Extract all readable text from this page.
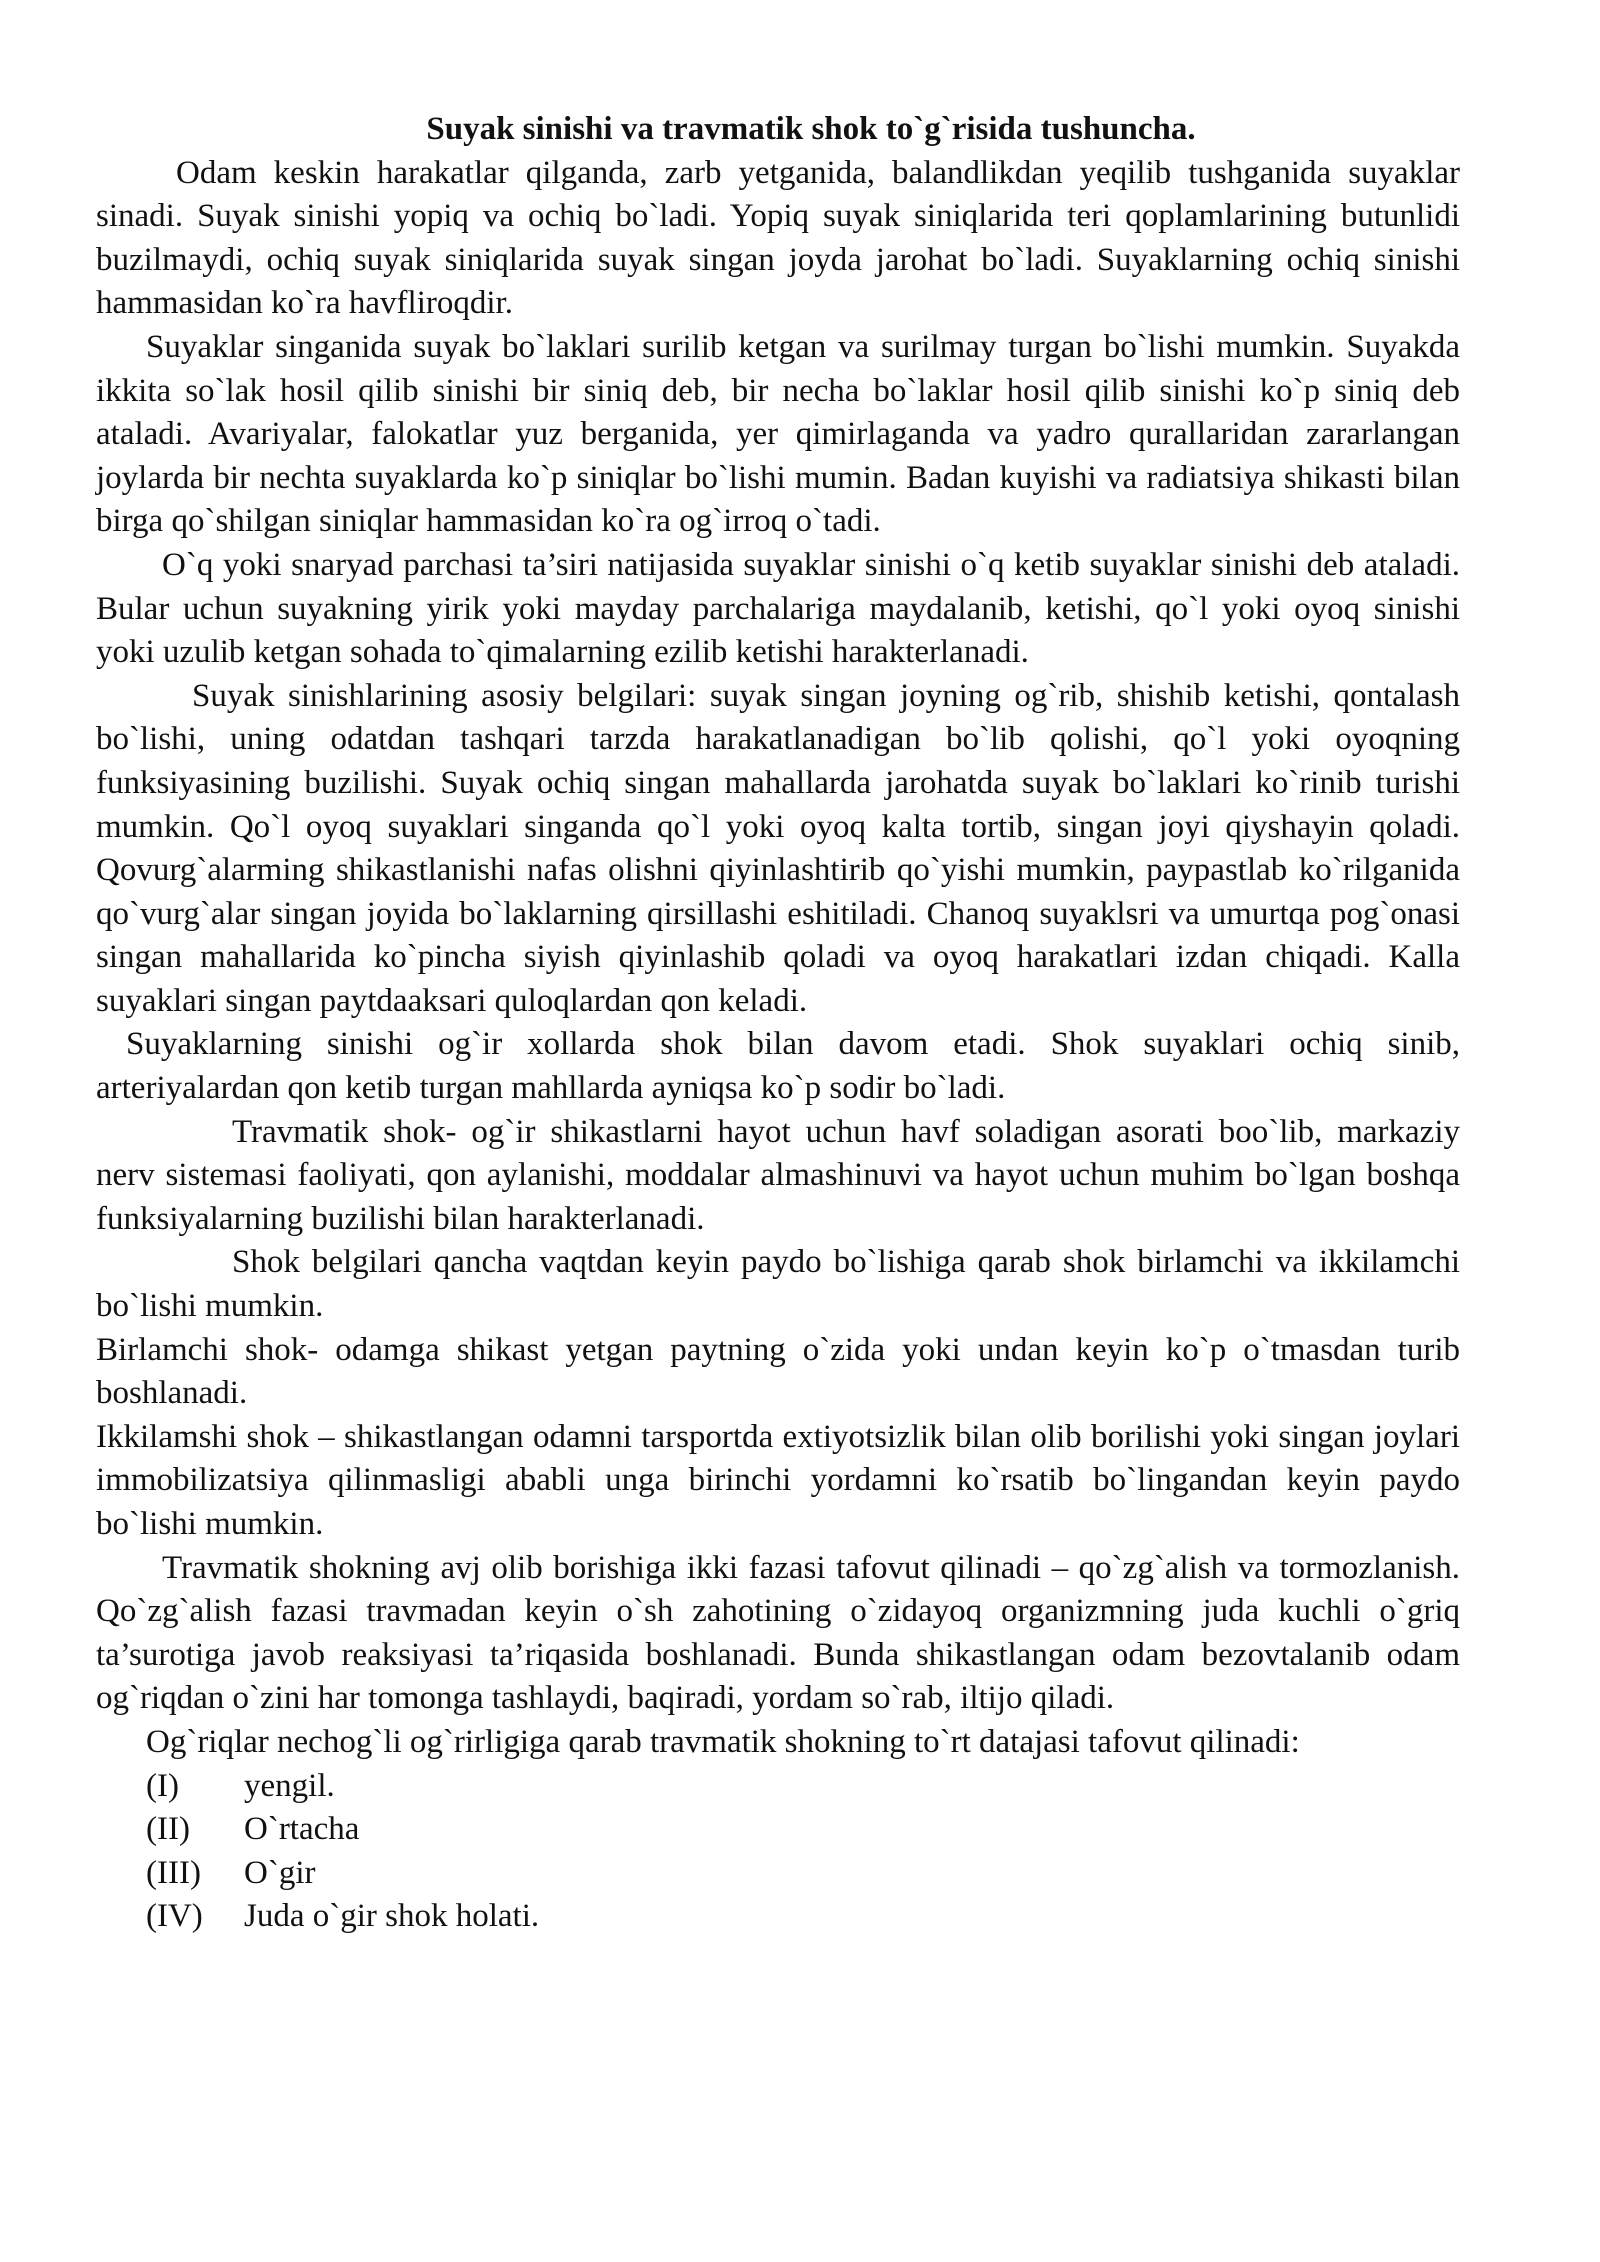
Suyak sinishi va travmatik shok to`g`risida tushuncha.

Odam keskin harakatlar qilganda, zarb yetganida, balandlikdan yeqilib tushganida suyaklar sinadi. Suyak sinishi yopiq va ochiq bo`ladi. Yopiq suyak siniqlarida teri qoplamlarining butunlidi buzilmaydi, ochiq suyak siniqlarida suyak singan joyda jarohat bo`ladi. Suyaklarning ochiq sinishi hammasidan ko`ra havfliroqdir.

Suyaklar singanida suyak bo`laklari surilib ketgan va surilmay turgan bo`lishi mumkin. Suyakda ikkita so`lak hosil qilib sinishi bir siniq deb, bir necha bo`laklar hosil qilib sinishi ko`p siniq deb ataladi. Avariyalar, falokatlar yuz berganida, yer qimirlaganda va yadro qurallaridan zararlangan joylarda bir nechta suyaklarda ko`p siniqlar bo`lishi mumin. Badan kuyishi va radiatsiya shikasti bilan birga qo`shilgan siniqlar hammasidan ko`ra og`irroq o`tadi.

O`q yoki snaryad parchasi ta’siri natijasida suyaklar sinishi o`q ketib suyaklar sinishi deb ataladi. Bular uchun suyakning yirik yoki mayday parchalariga maydalanib, ketishi, qo`l yoki oyoq sinishi yoki uzulib ketgan sohada to`qimalarning ezilib ketishi harakterlanadi.

Suyak sinishlarining asosiy belgilari: suyak singan joyning og`rib, shishib ketishi, qontalash bo`lishi, uning odatdan tashqari tarzda harakatlanadigan bo`lib qolishi, qo`l yoki oyoqning funksiyasining buzilishi. Suyak ochiq singan mahallarda jarohatda suyak bo`laklari ko`rinib turishi mumkin. Qo`l oyoq suyaklari singanda qo`l yoki oyoq kalta tortib, singan joyi qiyshayin qoladi. Qovurg`alarming shikastlanishi nafas olishni qiyinlashtirib qo`yishi mumkin, paypastlab ko`rilganida qo`vurg`alar singan joyida bo`laklarning qirsillashi eshitiladi. Chanoq suyaklsri va umurtqa pog`onasi singan mahallarida ko`pincha siyish qiyinlashib qoladi va oyoq harakatlari izdan chiqadi. Kalla suyaklari singan paytdaaksari quloqlardan qon keladi.

Suyaklarning sinishi og`ir xollarda shok bilan davom etadi. Shok suyaklari ochiq sinib, arteriyalardan qon ketib turgan mahllarda ayniqsa ko`p sodir bo`ladi.

Travmatik shok- og`ir shikastlarni hayot uchun havf soladigan asorati boo`lib, markaziy nerv sistemasi faoliyati, qon aylanishi, moddalar almashinuvi va hayot uchun muhim bo`lgan boshqa funksiyalarning buzilishi bilan harakterlanadi.

Shok belgilari qancha vaqtdan keyin paydo bo`lishiga qarab shok birlamchi va ikkilamchi bo`lishi mumkin.

Birlamchi shok- odamga shikast yetgan paytning o`zida yoki undan keyin ko`p o`tmasdan turib boshlanadi.

Ikkilamshi shok – shikastlangan odamni tarsportda extiyotsizlik bilan olib borilishi yoki singan joylari immobilizatsiya qilinmasligi ababli unga birinchi yordamni ko`rsatib bo`lingandan keyin paydo bo`lishi mumkin.

Travmatik shokning avj olib borishiga ikki fazasi tafovut qilinadi – qo`zg`alish va tormozlanish. Qo`zg`alish fazasi travmadan keyin o`sh zahotining o`zidayoq organizmning juda kuchli o`griq ta’surotiga javob reaksiyasi ta’riqasida boshlanadi. Bunda shikastlangan odam bezovtalanib odam og`riqdan o`zini har tomonga tashlaydi, baqiradi, yordam so`rab, iltijo qiladi.

Og`riqlar nechog`li og`rirligiga qarab travmatik shokning to`rt datajasi tafovut qilinadi:

(I)	yengil.
(II)	O`rtacha
(III)	O`gir
(IV)	Juda o`gir shok holati.
